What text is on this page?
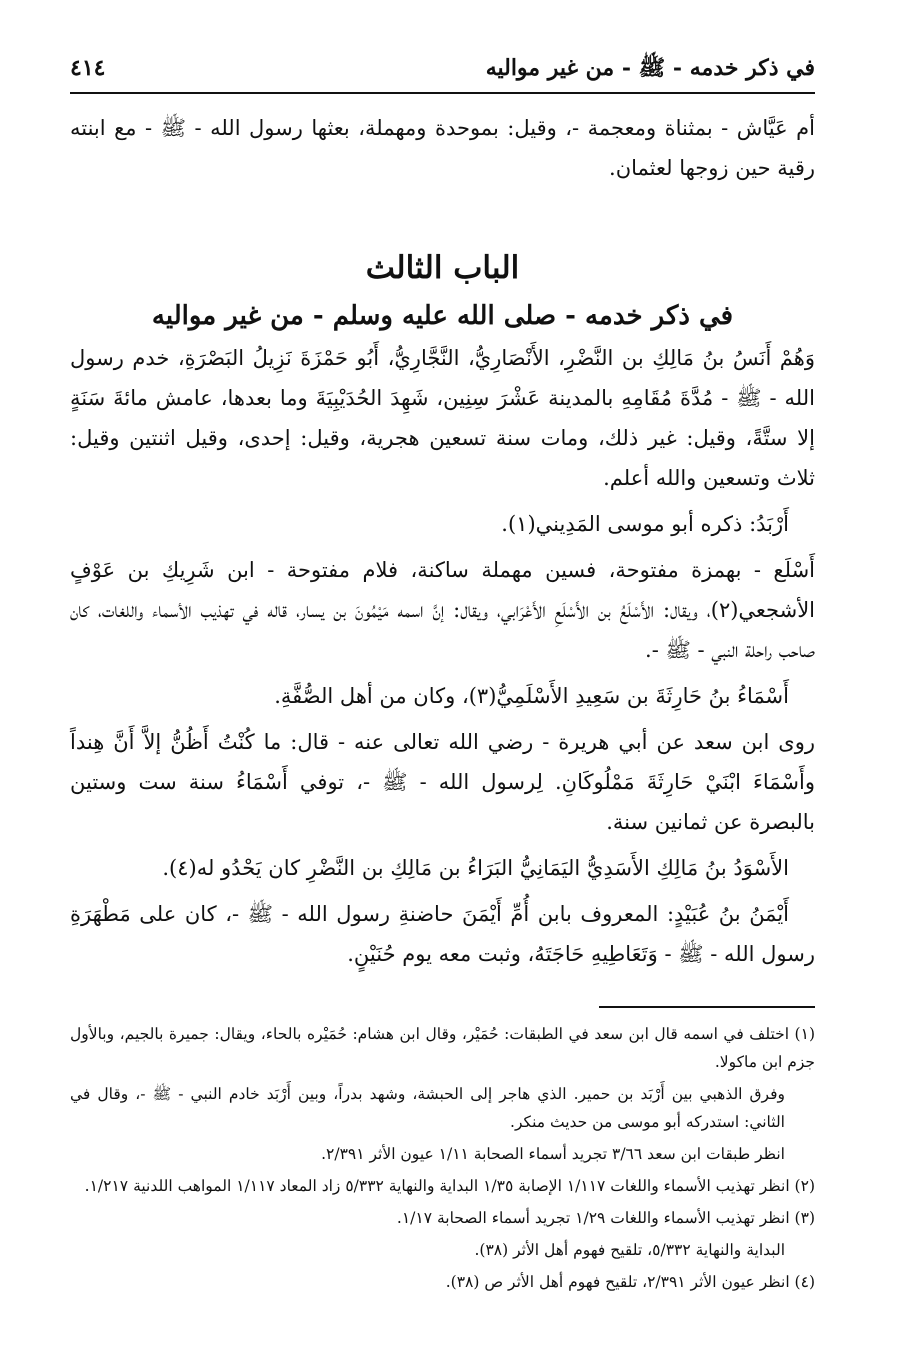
في ذكر خدمه - ﷺ - من غير مواليه
٤١٤

أم عَيَّاش - بمثناة ومعجمة -، وقيل: بموحدة ومهملة، بعثها رسول الله - ﷺ - مع ابنته رقية حين زوجها لعثمان.

الباب الثالث
في ذكر خدمه - صلى الله عليه وسلم - من غير مواليه

وَهُمْ أَنَسُ بنُ مَالِكِ بن النَّضْرِ، الأَنْصَارِيُّ، النَّجَّارِيُّ، أَبُو حَمْزَةَ نَزِيلُ البَصْرَةِ، خدم رسول الله - ﷺ - مُدَّةَ مُقَامِهِ بالمدينة عَشْرَ سِنِين، شَهِدَ الحُدَيْبِيَةَ وما بعدها، عامش مائةَ سَنَةٍ إلا ستَّةً، وقيل: غير ذلك، ومات سنة تسعين هجرية، وقيل: إحدى، وقيل اثنتين وقيل: ثلاث وتسعين والله أعلم.

أَرْبَدُ: ذكره أبو موسى المَدِيني(١).

أَسْلَع - بهمزة مفتوحة، فسين مهملة ساكنة، فلام مفتوحة - ابن شَرِيكِ بن عَوْفٍ الأشجعي(٢)، ويقال: الأَسْلَعُ بن الأَسْلَعِ الأَعْرَابي، ويقال: إنَّ اسمه مَيْمُونَ بن يسار، قاله في تهذيب الأسماء واللغات، كان صاحب راحلة النبي - ﷺ -.

أَسْمَاءُ بنُ حَارِثَةَ بن سَعِيدِ الأَسْلَمِيُّ(٣)، وكان من أهل الصُّفَّةِ.

روى ابن سعد عن أبي هريرة - رضي الله تعالى عنه - قال: ما كُنْتُ أَظُنُّ إلاَّ أَنَّ هِنداً وأَسْمَاءَ ابْنَيْ حَارِثَةَ مَمْلُوكَانِ. لِرسول الله - ﷺ -، توفي أَسْمَاءُ سنة ست وستين بالبصرة عن ثمانين سنة.

الأَسْوَدُ بنُ مَالِكِ الأَسَدِيُّ اليَمَانِيُّ البَرَاءُ بن مَالِكِ بن النَّضْرِ كان يَحْدُو له(٤).

أَيْمَنُ بنُ عُبَيْدٍ: المعروف بابن أُمِّ أَيْمَنَ حاضنةِ رسول الله - ﷺ -، كان على مَطْهَرَةِ رسول الله - ﷺ - وَتَعَاطِيهِ حَاجَتَهُ، وثبت معه يوم حُنَيْنٍ.

(١) اختلف في اسمه قال ابن سعد في الطبقات: حُمَيْر، وقال ابن هشام: حُمَيْره بالحاء، ويقال: جميرة بالجيم، وبالأول جزم ابن ماكولا.

وفرق الذهبي بين أَرْبَد بن حمير. الذي هاجر إلى الحبشة، وشهد بدراً، وبين أَرْبَد خادم النبي - ﷺ -، وقال في الثاني: استدركه أبو موسى من حديث منكر.

انظر طبقات ابن سعد ٣/٦٦ تجريد أسماء الصحابة ١/١١ عيون الأثر ٢/٣٩١.

(٢) انظر تهذيب الأسماء واللغات ١/١١٧ الإصابة ١/٣٥ البداية والنهاية ٥/٣٣٢ زاد المعاد ١/١١٧ المواهب اللدنية ١/٢١٧.

(٣) انظر تهذيب الأسماء واللغات ١/٢٩ تجريد أسماء الصحابة ١/١٧.

البداية والنهاية ٥/٣٣٢، تلقيح فهوم أهل الأثر (٣٨).

(٤) انظر عيون الأثر ٢/٣٩١، تلقيح فهوم أهل الأثر ص (٣٨).
